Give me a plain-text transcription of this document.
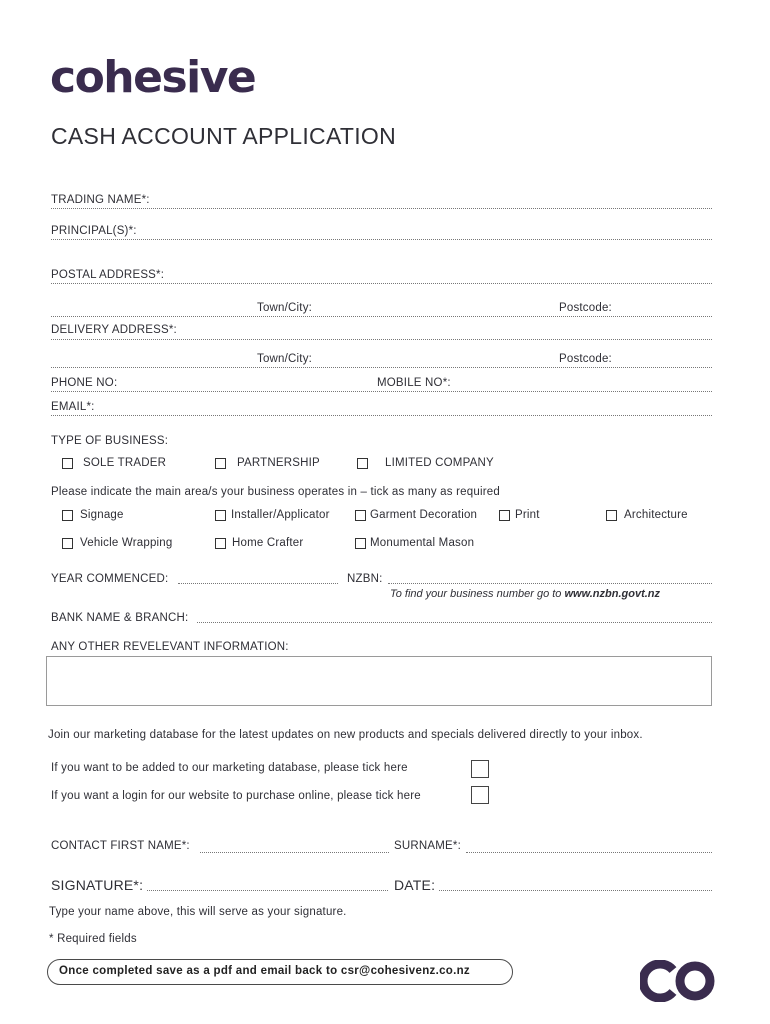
cohesive
CASH ACCOUNT APPLICATION
TRADING NAME*:
PRINCIPAL(S)*:
POSTAL ADDRESS*:
Town/City:	Postcode:
DELIVERY ADDRESS*:
Town/City:	Postcode:
PHONE NO:	MOBILE NO*:
EMAIL*:
TYPE OF BUSINESS:
SOLE TRADER	PARTNERSHIP	LIMITED COMPANY
Please indicate the main area/s your business operates in – tick as many as required
Signage	Installer/Applicator	Garment Decoration	Print	Architecture
Vehicle Wrapping	Home Crafter	Monumental Mason
YEAR COMMENCED:	NZBN:
To find your business number go to www.nzbn.govt.nz
BANK NAME & BRANCH:
ANY OTHER REVELEVANT INFORMATION:
Join our marketing database for the latest updates on new products and specials delivered directly to your inbox.
If you want to be added to our marketing database, please tick here
If you want a login for our website to purchase online, please tick here
CONTACT FIRST NAME*:	SURNAME*:
SIGNATURE*:	DATE:
Type your name above, this will serve as your signature.
* Required fields
Once completed save as a pdf and email back to csr@cohesivenz.co.nz
